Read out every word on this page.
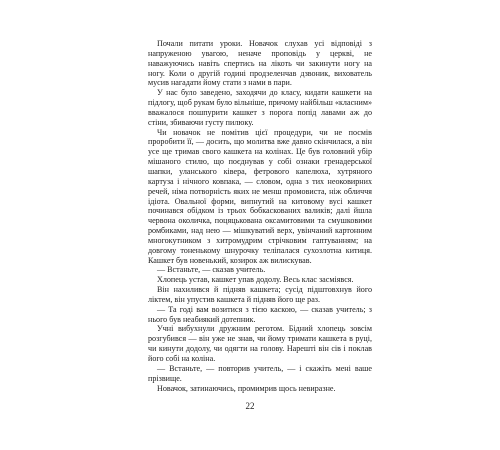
Почали питати уроки. Новачок слухав усі відповіді з напруженою увагою, неначе проповідь у церкві, не наважуючись навіть спертись на лікоть чи закинути ногу на ногу. Коли о другій годині продзеленчав дзвоник, вихователь мусив нагадати йому стати з нами в пари.

У нас було заведено, заходячи до класу, кидати кашкети на підлогу, щоб рукам було вільніше, причому найбільш «класним» вважалося пошпурити кашкет з порога попід лавами аж до стіни, збиваючи густу пилюку.

Чи новачок не помітив цієї процедури, чи не посмів проробити її, — досить, що молитва вже давно скінчилася, а він усе ще тримав свого кашкета на колінах. Це був головний убір мішаного стилю, що поєднував у собі ознаки гренадерської шапки, уланського ківера, фетрового капелюха, хутряного картуза і нічного ковпака, — словом, одна з тих неоковирних речей, німа потворність яких не менш промовиста, ніж обличчя ідіота. Овальної форми, випнутий на китовому вусі кашкет починався обідком із трьох бобкаскованих валиків; далі йшла червона околичка, поцяцькована оксамитовими та смушковими ромбиками, над нею — мішкуватий верх, увінчаний картонним многокутником з хитромудрим стрічковим гаптуванням; на довгому тоненькому шнурочку теліпалася сухозлотна китиця. Кашкет був новенький, козирок аж вилискував.

— Встаньте, — сказав учитель.

Хлопець устав, кашкет упав додолу. Весь клас засміявся.

Він нахилився й підняв кашкета; сусід підштовхнув його ліктем, він упустив кашкета й підняв його ще раз.

— Та годі вам возитися з тією каскою, — сказав учитель; з нього був неабиякий дотепник.

Учні вибухнули дружним реготом. Бідний хлопець зовсім розгубився — він уже не знав, чи йому тримати кашкета в руці, чи кинути додолу, чи одягти на голову. Нарешті він сів і поклав його собі на коліна.

— Встаньте, — повторив учитель, — і скажіть мені ваше прізвище.

Новачок, затинаючись, промимрив щось невиразне.

22
